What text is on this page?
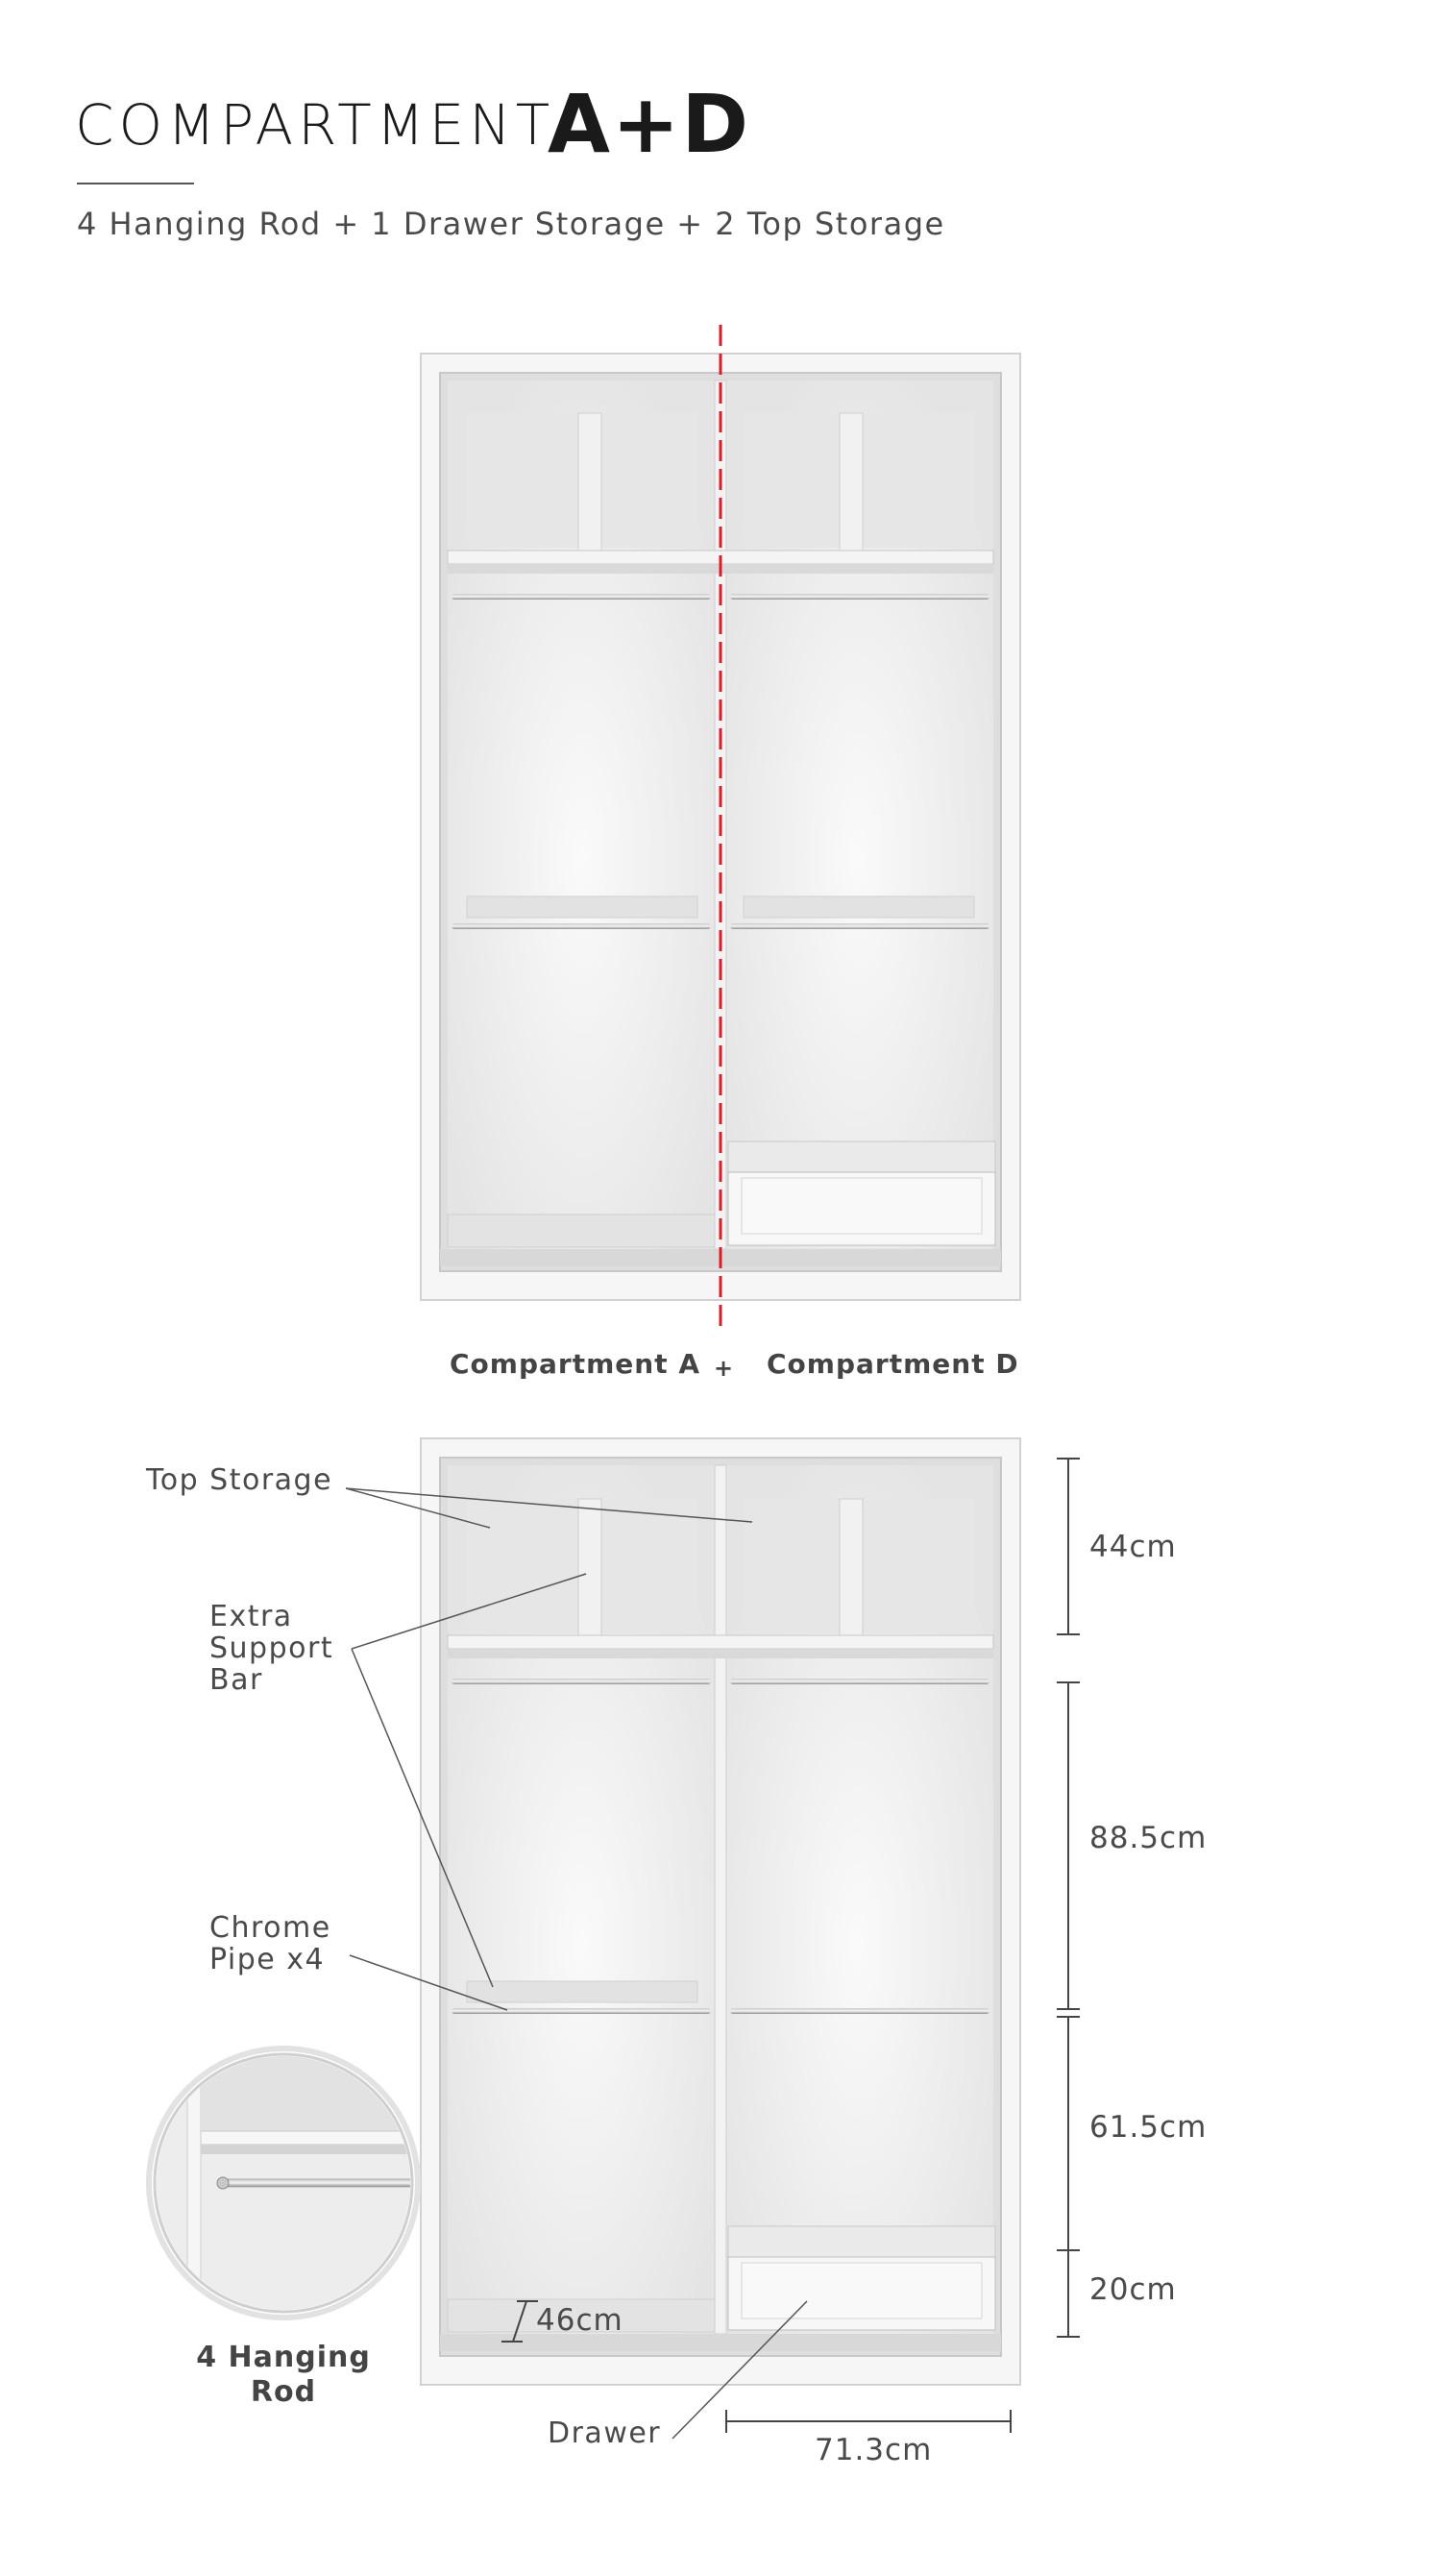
COMPARTMENT
A+D
4 Hanging Rod + 1 Drawer Storage + 2 Top Storage
Compartment A + Compartment D
Top Storage
Extra Support Bar
Chrome Pipe x4
Drawer
44cm
88.5cm
61.5cm
20cm
46cm
71.3cm
4 Hanging Rod
